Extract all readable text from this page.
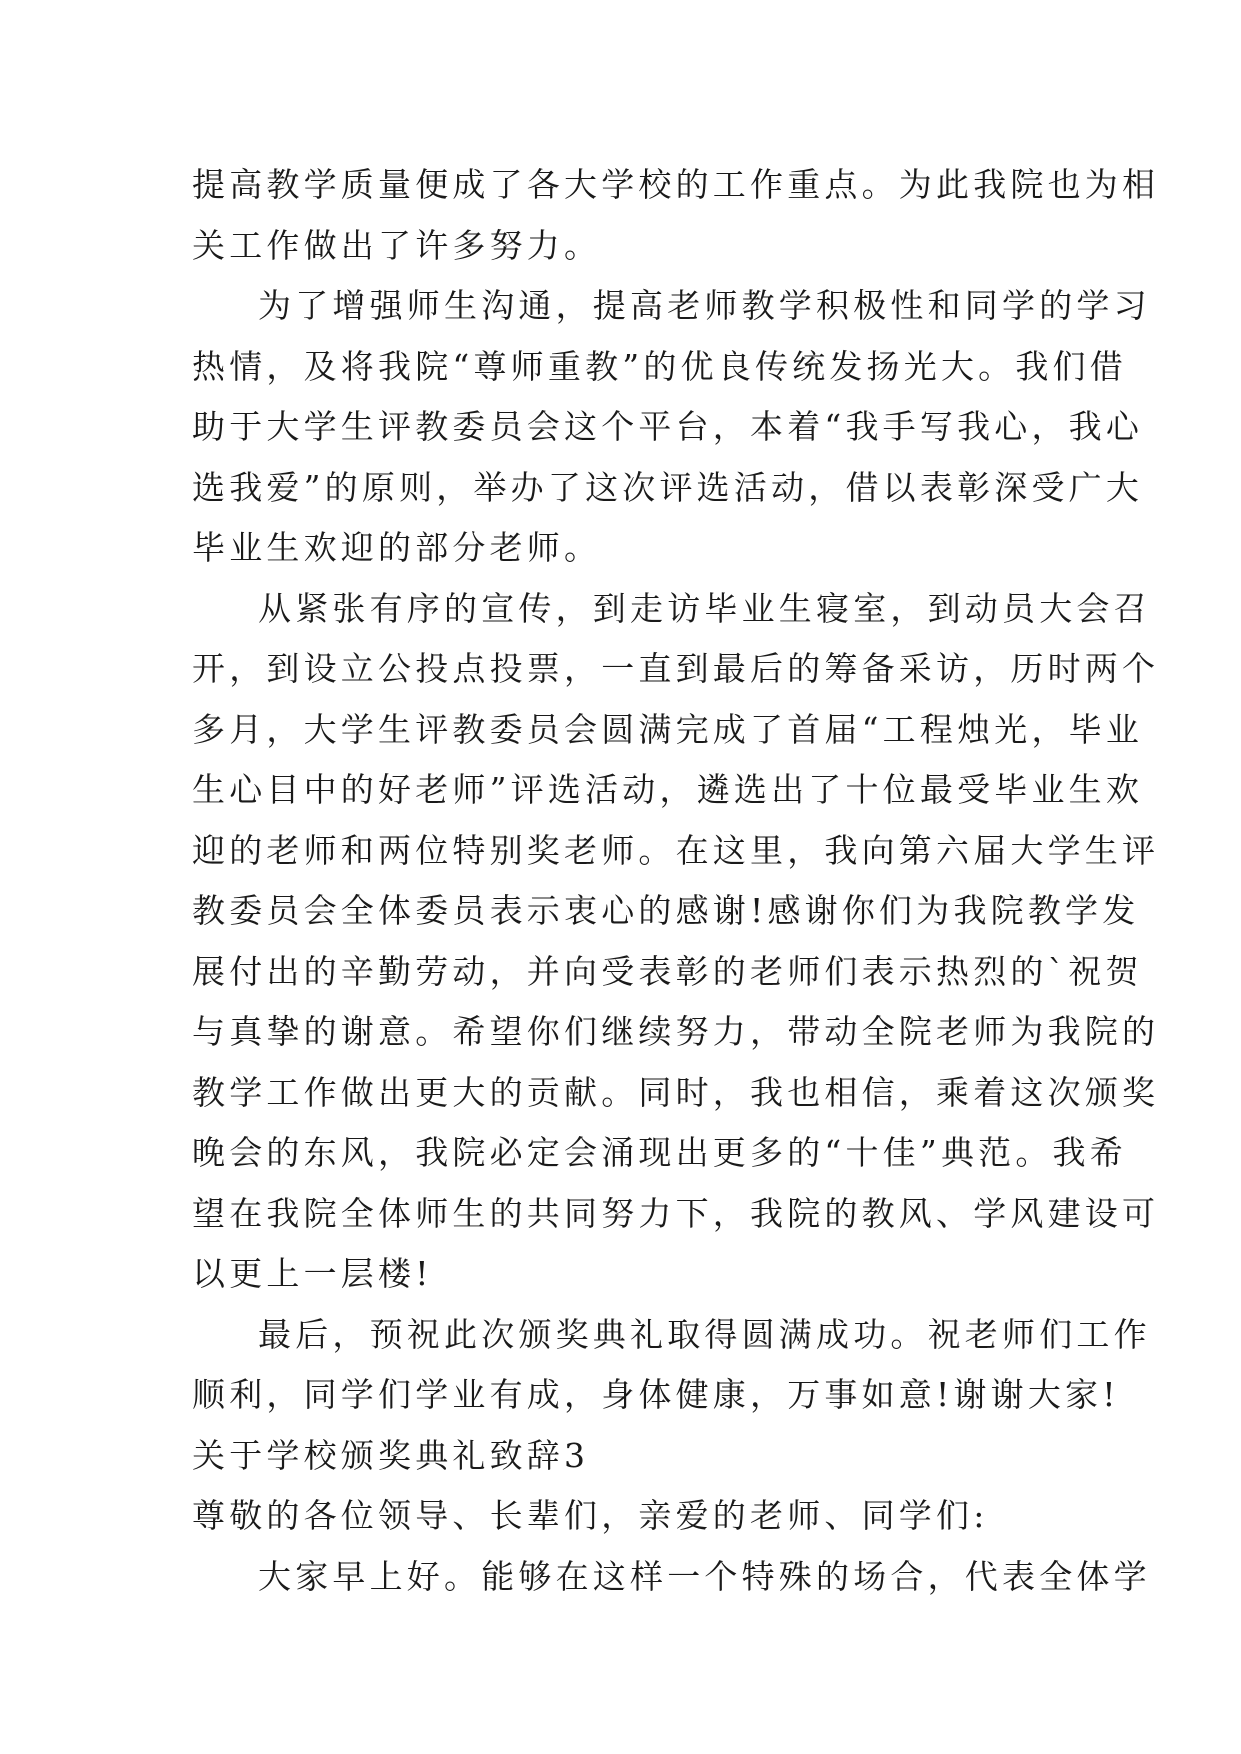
提高教学质量便成了各大学校的工作重点。为此我院也为相
关工作做出了许多努力。
为了增强师生沟通，提高老师教学积极性和同学的学习
热情，及将我院“尊师重教”的优良传统发扬光大。我们借
助于大学生评教委员会这个平台，本着“我手写我心，我心
选我爱”的原则，举办了这次评选活动，借以表彰深受广大
毕业生欢迎的部分老师。
从紧张有序的宣传，到走访毕业生寝室，到动员大会召
开，到设立公投点投票，一直到最后的筹备采访，历时两个
多月，大学生评教委员会圆满完成了首届“工程烛光，毕业
生心目中的好老师”评选活动，遴选出了十位最受毕业生欢
迎的老师和两位特别奖老师。在这里，我向第六届大学生评
教委员会全体委员表示衷心的感谢!感谢你们为我院教学发
展付出的辛勤劳动，并向受表彰的老师们表示热烈的`祝贺
与真挚的谢意。希望你们继续努力，带动全院老师为我院的
教学工作做出更大的贡献。同时，我也相信，乘着这次颁奖
晚会的东风，我院必定会涌现出更多的“十佳”典范。我希
望在我院全体师生的共同努力下，我院的教风、学风建设可
以更上一层楼!
最后，预祝此次颁奖典礼取得圆满成功。祝老师们工作
顺利，同学们学业有成，身体健康，万事如意!谢谢大家!
关于学校颁奖典礼致辞3
尊敬的各位领导、长辈们，亲爱的老师、同学们:
大家早上好。能够在这样一个特殊的场合，代表全体学
